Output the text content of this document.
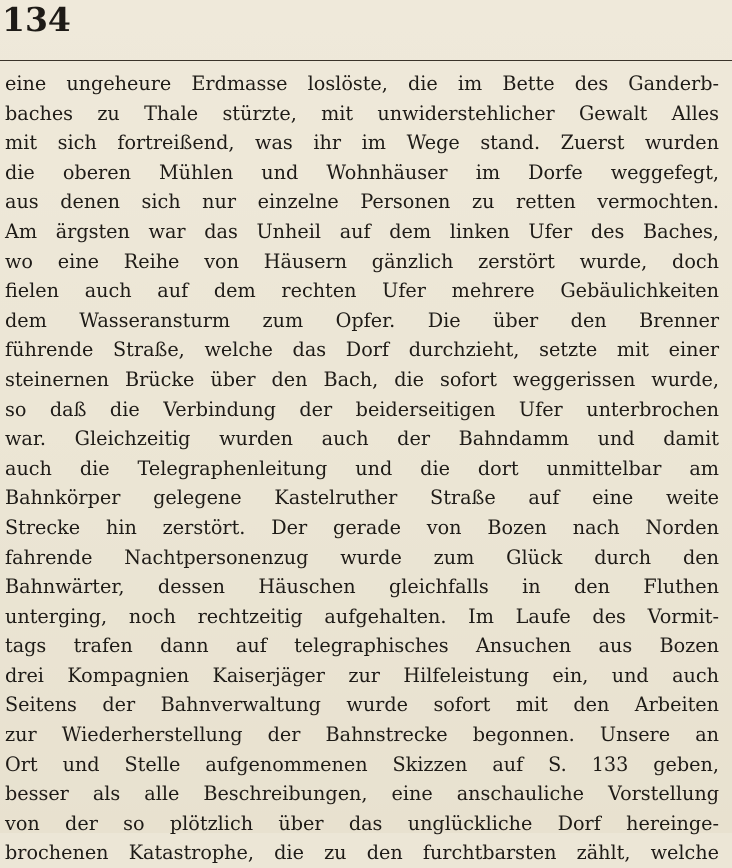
134
eine ungeheure Erdmasse loslöste, die im Bette des Ganderb-
baches zu Thale stürzte, mit unwiderstehlicher Gewalt Alles
mit sich fortreißend, was ihr im Wege stand. Zuerst wurden
die oberen Mühlen und Wohnhäuser im Dorfe weggefegt,
aus denen sich nur einzelne Personen zu retten vermochten.
Am ärgsten war das Unheil auf dem linken Ufer des Baches,
wo eine Reihe von Häusern gänzlich zerstört wurde, doch
fielen auch auf dem rechten Ufer mehrere Gebäulichkeiten
dem Wasseransturm zum Opfer. Die über den Brenner
führende Straße, welche das Dorf durchzieht, setzte mit einer
steinernen Brücke über den Bach, die sofort weggerissen wurde,
so daß die Verbindung der beiderseitigen Ufer unterbrochen
war. Gleichzeitig wurden auch der Bahndamm und damit
auch die Telegraphenleitung und die dort unmittelbar am
Bahnkörper gelegene Kastelruther Straße auf eine weite
Strecke hin zerstört. Der gerade von Bozen nach Norden
fahrende Nachtpersonenzug wurde zum Glück durch den
Bahnwärter, dessen Häuschen gleichfalls in den Fluthen
unterging, noch rechtzeitig aufgehalten. Im Laufe des Vormit-
tags trafen dann auf telegraphisches Ansuchen aus Bozen
drei Kompagnien Kaiserjäger zur Hilfeleistung ein, und auch
Seitens der Bahnverwaltung wurde sofort mit den Arbeiten
zur Wiederherstellung der Bahnstrecke begonnen. Unsere an
Ort und Stelle aufgenommenen Skizzen auf S. 133 geben,
besser als alle Beschreibungen, eine anschauliche Vorstellung
von der so plötzlich über das unglückliche Dorf hereinge-
brochenen Katastrophe, die zu den furchtbarsten zählt, welche
